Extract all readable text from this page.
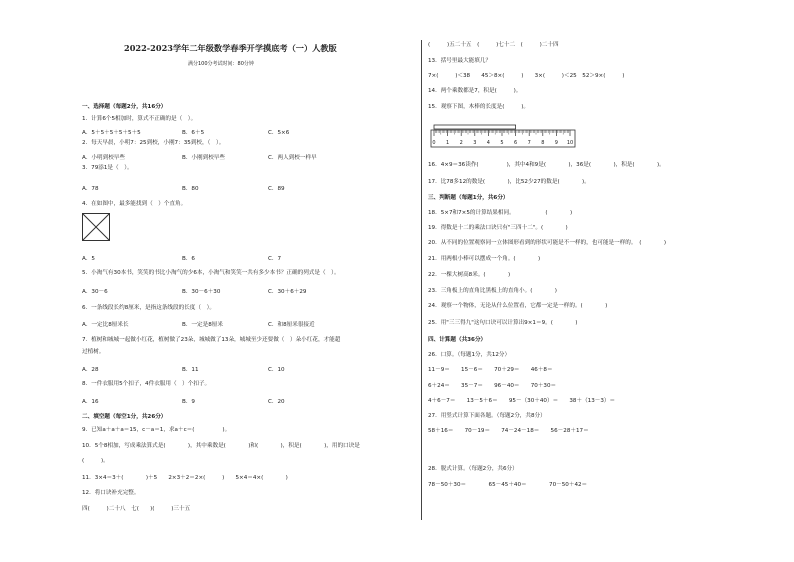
一、选择题（每题2分，共16分）
1．计算6个5相加时，算式不正确的是（　）。
2．每天早晨，小明7：25到校，小刚7：35到校，（　）。
3．79添1是（　）。
4．在如图中，最多能找到（　）个直角。
5．小淘气有30本书，笑笑的书比小淘气的少6本，小淘气和笑笑一共有多少本书？正确的列式是（　）。
6．一条线段长约8厘米，是指这条线段的长度（　）。
7．植树和城城一起做小红花，植树做了23朵，城城做了13朵，城城至少还要做（　）朵小红花，才能超
过植树。
8．一件衣服用5个扣子，4件衣服用（　）个扣子。
二、填空题（每空1分，共26分）
9．已知a＋a＋a＝15，c－a＝1，求a＋c＝(　　　　　)。
10．5个8相加，写成乘法算式是(　　　　)，其中乘数是(　　　　)和(　　　　)，积是(　　　　)，用的口诀是
(　　　)。
11．3×4＝3＋(　　　　)＋5　　2×3＋2＝2×(　　　)　　5×4＝4×(　　　　)
12．将口诀补充完整。
四(　　　)二十八　七(　　)(　　　)三十五
A．5＋5＋5＋5＋5＋5	B．6＋5	C．5×6
A．小明到校早些	B．小刚到校早些	C．两人到校一样早
A．78	B．80	C．89
A．5	B．6	C．7
A．30－6	B．30－6＋30	C．30＋6＋29
A．一定比8厘米长	B．一定是8厘米	C．和8厘米很接近
A．28	B．11	C．10
A．16	B．9	C．20
(　　　)五二十五　(　　　)七十二　(　　　)二十四
13．括号里最大能填几？
7×(　　　)＜38　　45＞8×(　　　)　　3×(　　　)＜25　52＞9×(　　　)
14．两个乘数都是7，积是(　　　)。
15．观察下图，木棒的长度是(　　　)。
16．4×9＝36读作(　　　　　)，其中4和9是(　　　　)，36是(　　　　)，积是(　　　　)。
17．比78多12的数是(　　　　)，比52少27的数是(　　　　)。
三、判断题（每题1分，共6分）
18．5×7和7×5的计算结果相同。　　　　　　(　　　　)
19．得数是十二的乘法口诀只有"三四十二"。(　　　　)
20．从不同的位置观察同一立体图形看到的形状可能是不一样的，也可能是一样的。　(　　　　)
21．用两根小棒可以摆成一个角。(　　　　)
22．一棵大树高8米。(　　　　)
23．三角板上的直角比黑板上的直角小。(　　　　)
24．观察一个物体，无论从什么位置看，它都一定是一样的。(　　　　)
25．用"三三得九"这句口诀可以计算出9×1＝9。(　　　　)
四、计算题（共36分）
26．口算。（每题1分，共12分）
11－9＝　　15－6＝　　70＋29＝　　46＋8＝
6＋24＝　　35－7＝　　96－40＝　　70＋30＝
4＋6－7＝　　13－5＋6＝　　95－（30＋40）＝　　38＋（13－3）＝
27．用竖式计算下面各题。（每题2分，共8分）
58＋16＝　　70－19＝　　74－24－18＝　　56－28＋17＝
28．脱式计算。（每题2分，共6分）
78－50＋30＝　　　　65－45＋40＝　　　　70－50＋42＝
0 1 2 3 4 5 6 7 8 9 10
2022-2023学年二年级数学春季开学摸底考（一）人教版
满分100分考试时间：80分钟
